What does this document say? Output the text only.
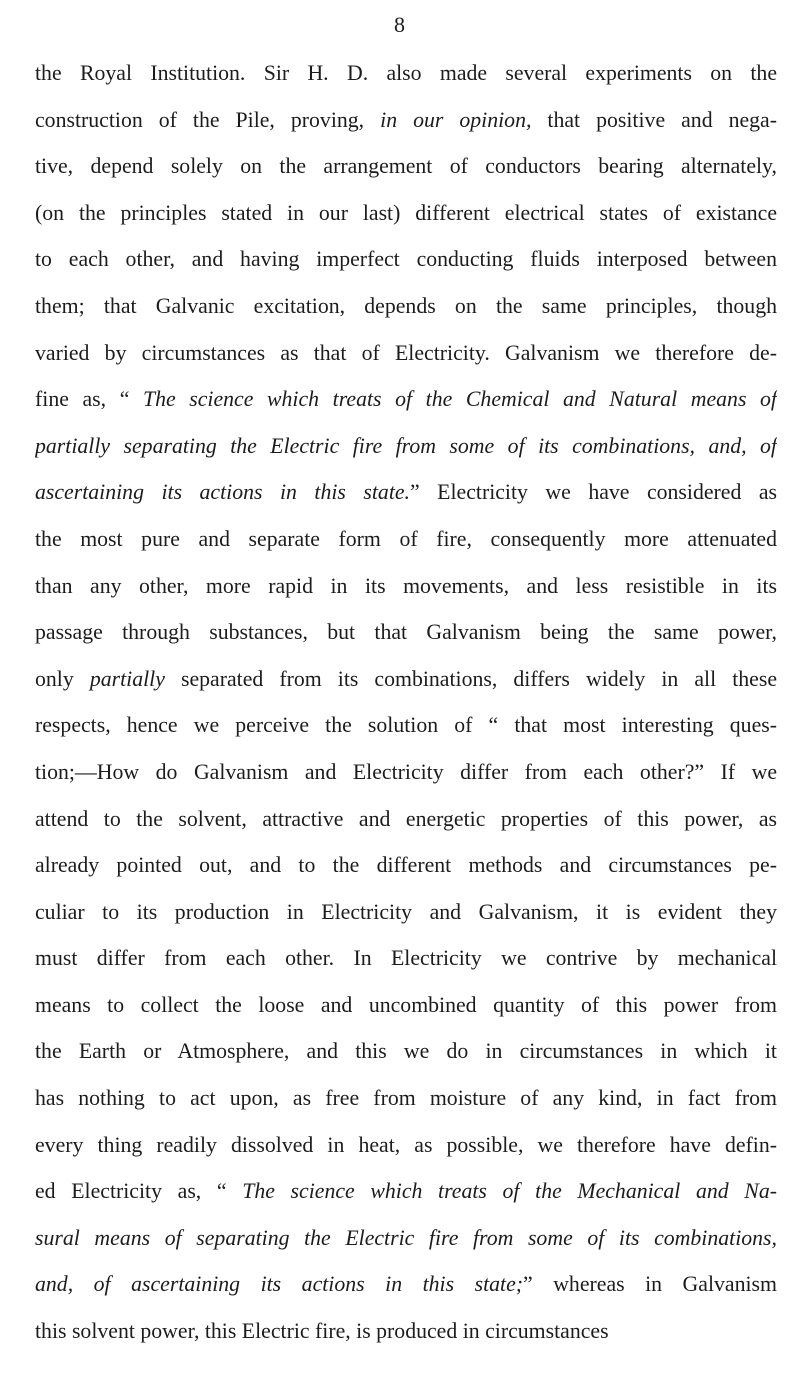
8
the Royal Institution. Sir H. D. also made several experiments on the
construction of the Pile, proving, in our opinion, that positive and nega-
tive, depend solely on the arrangement of conductors bearing alternately,
(on the principles stated in our last) different electrical states of existance
to each other, and having imperfect conducting fluids interposed between
them; that Galvanic excitation, depends on the same principles, though
varied by circumstances as that of Electricity. Galvanism we therefore de-
fine as, “ The science which treats of the Chemical and Natural means of
partially separating the Electric fire from some of its combinations, and, of
ascertaining its actions in this state.” Electricity we have considered as
the most pure and separate form of fire, consequently more attenuated
than any other, more rapid in its movements, and less resistible in its
passage through substances, but that Galvanism being the same power,
only partially separated from its combinations, differs widely in all these
respects, hence we perceive the solution of “ that most interesting ques-
tion;—How do Galvanism and Electricity differ from each other?” If we
attend to the solvent, attractive and energetic properties of this power, as
already pointed out, and to the different methods and circumstances pe-
culiar to its production in Electricity and Galvanism, it is evident they
must differ from each other. In Electricity we contrive by mechanical
means to collect the loose and uncombined quantity of this power from
the Earth or Atmosphere, and this we do in circumstances in which it
has nothing to act upon, as free from moisture of any kind, in fact from
every thing readily dissolved in heat, as possible, we therefore have defin-
ed Electricity as, “ The science which treats of the Mechanical and Na-
sural means of separating the Electric fire from some of its combinations,
and, of ascertaining its actions in this state;” whereas in Galvanism
this solvent power, this Electric fire, is produced in circumstances
